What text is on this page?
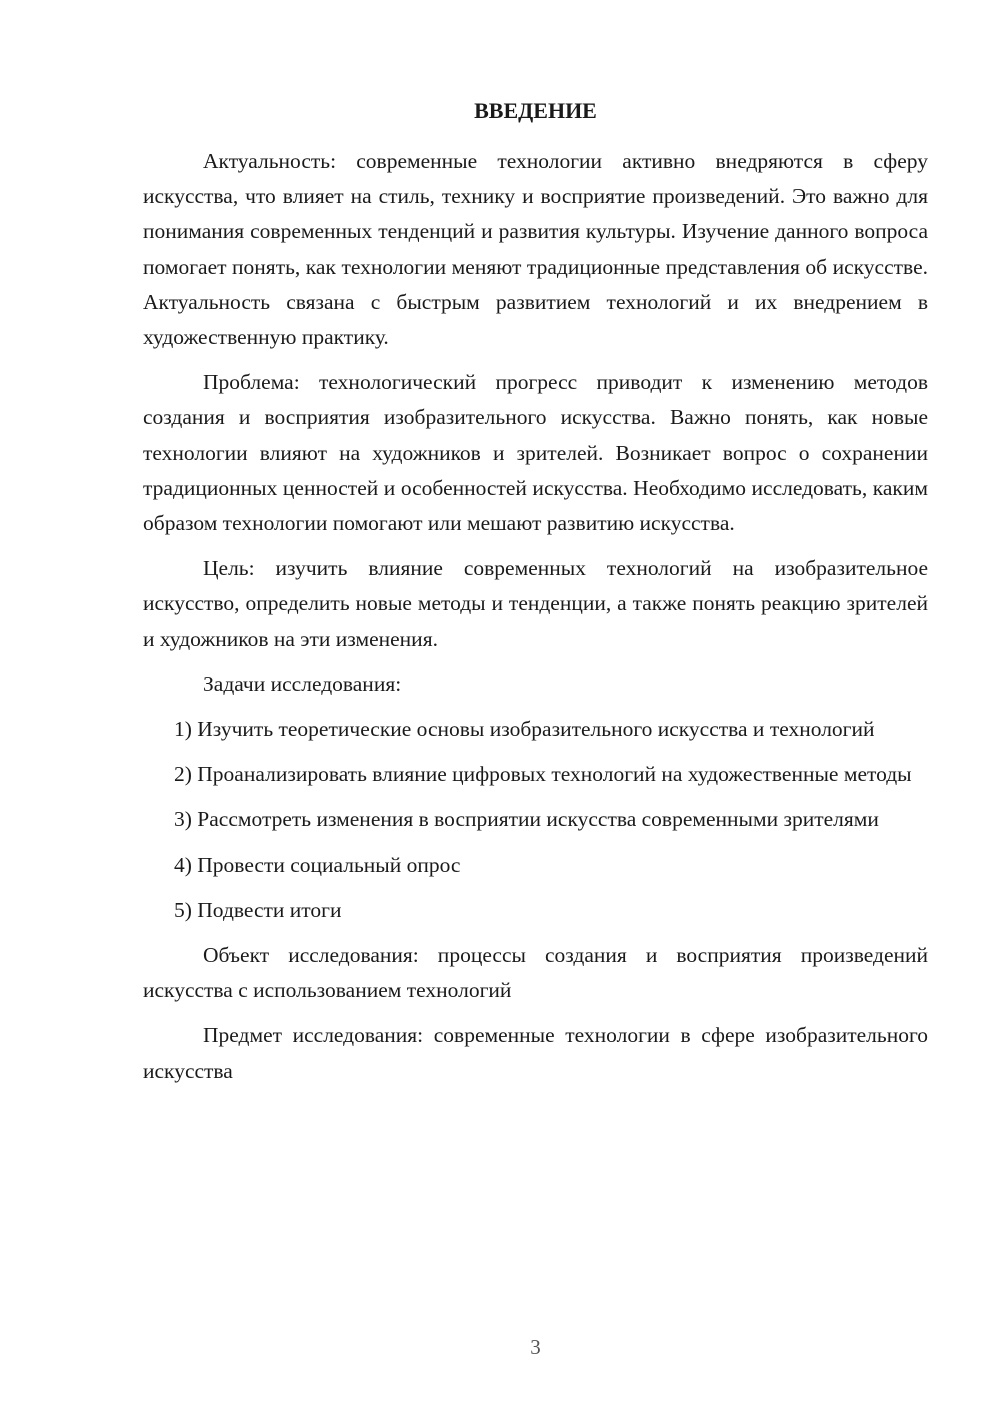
ВВЕДЕНИЕ

Актуальность: современные технологии активно внедряются в сферу искусства, что влияет на стиль, технику и восприятие произведений. Это важно для понимания современных тенденций и развития культуры. Изучение данного вопроса помогает понять, как технологии меняют традиционные представления об искусстве. Актуальность связана с быстрым развитием технологий и их внедрением в художественную практику.

Проблема: технологический прогресс приводит к изменению методов создания и восприятия изобразительного искусства. Важно понять, как новые технологии влияют на художников и зрителей. Возникает вопрос о сохранении традиционных ценностей и особенностей искусства. Необходимо исследовать, каким образом технологии помогают или мешают развитию искусства.

Цель: изучить влияние современных технологий на изобразительное искусство, определить новые методы и тенденции, а также понять реакцию зрителей и художников на эти изменения.

Задачи исследования:

1) Изучить теоретические основы изобразительного искусства и технологий

2) Проанализировать влияние цифровых технологий на художественные методы

3) Рассмотреть изменения в восприятии искусства современными зрителями

4) Провести социальный опрос

5) Подвести итоги

Объект исследования: процессы создания и восприятия произведений искусства с использованием технологий

Предмет исследования: современные технологии в сфере изобразительного искусства

3
